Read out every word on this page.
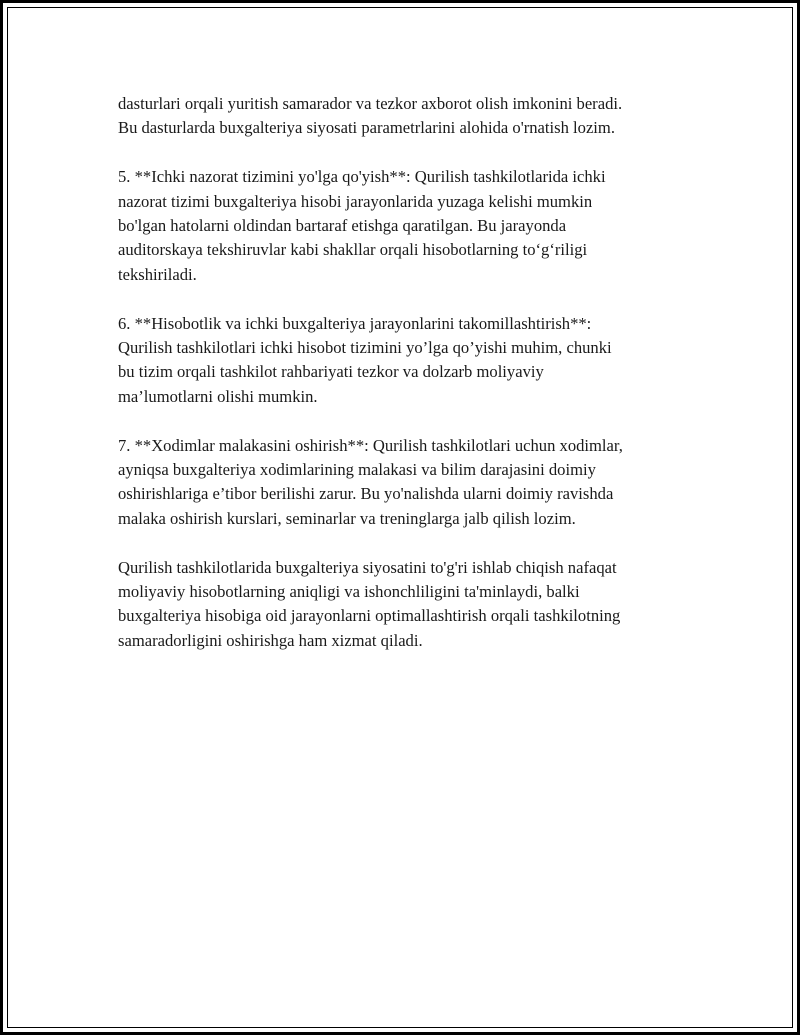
dasturlari orqali yuritish samarador va tezkor axborot olish imkonini beradi.
Bu dasturlarda buxgalteriya siyosati parametrlarini alohida o'rnatish lozim.

5. **Ichki nazorat tizimini yo'lga qo'yish**: Qurilish tashkilotlarida ichki
nazorat tizimi buxgalteriya hisobi jarayonlarida yuzaga kelishi mumkin
bo'lgan hatolarni oldindan bartaraf etishga qaratilgan. Bu jarayonda
auditorskaya tekshiruvlar kabi shakllar orqali hisobotlarning to‘g‘riligi
tekshiriladi.

6. **Hisobotlik va ichki buxgalteriya jarayonlarini takomillashtirish**:
Qurilish tashkilotlari ichki hisobot tizimini yo’lga qo’yishi muhim, chunki
bu tizim orqali tashkilot rahbariyati tezkor va dolzarb moliyaviy
ma’lumotlarni olishi mumkin.

7. **Xodimlar malakasini oshirish**: Qurilish tashkilotlari uchun xodimlar,
ayniqsa buxgalteriya xodimlarining malakasi va bilim darajasini doimiy
oshirishlariga e’tibor berilishi zarur. Bu yo'nalishda ularni doimiy ravishda
malaka oshirish kurslari, seminarlar va treninglarga jalb qilish lozim.

Qurilish tashkilotlarida buxgalteriya siyosatini to'g'ri ishlab chiqish nafaqat
moliyaviy hisobotlarning aniqligi va ishonchliligini ta'minlaydi, balki
buxgalteriya hisobiga oid jarayonlarni optimallashtirish orqali tashkilotning
samaradorligini oshirishga ham xizmat qiladi.
